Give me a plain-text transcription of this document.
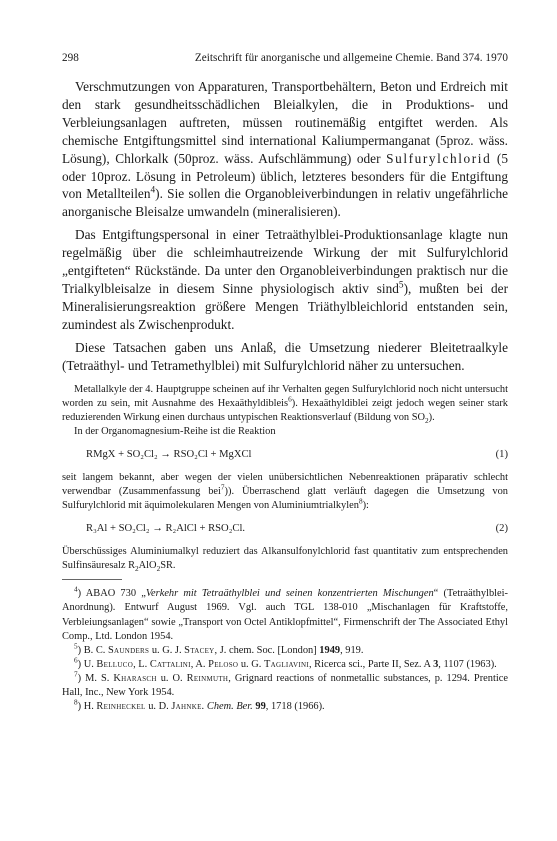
298	Zeitschrift für anorganische und allgemeine Chemie. Band 374. 1970

Verschmutzungen von Apparaturen, Transportbehältern, Beton und Erdreich mit den stark gesundheitsschädlichen Bleialkylen, die in Produktions- und Verbleiungsanlagen auftreten, müssen routinemäßig entgiftet werden. Als chemische Entgiftungsmittel sind international Kaliumpermanganat (5proz. wäss. Lösung), Chlorkalk (50proz. wäss. Aufschlämmung) oder Sulfurylchlorid (5 oder 10proz. Lösung in Petroleum) üblich, letzteres besonders für die Entgiftung von Metallteilen$^4$). Sie sollen die Organobleiverbindungen in relativ ungefährliche anorganische Bleisalze umwandeln (mineralisieren).

Das Entgiftungspersonal in einer Tetraäthylblei-Produktionsanlage klagte nun regelmäßig über die schleimhautreizende Wirkung der mit Sulfurylchlorid „entgifteten“ Rückstände. Da unter den Organobleiverbindungen praktisch nur die Trialkylbleisalze in diesem Sinne physiologisch aktiv sind$^5$), mußten bei der Mineralisierungsreaktion größere Mengen Triäthylbleichlorid entstanden sein, zumindest als Zwischenprodukt.

Diese Tatsachen gaben uns Anlaß, die Umsetzung niederer Bleitetraalkyle (Tetraäthyl- und Tetramethylblei) mit Sulfurylchlorid näher zu untersuchen.

Metallalkyle der 4. Hauptgruppe scheinen auf ihr Verhalten gegen Sulfurylchlorid noch nicht untersucht worden zu sein, mit Ausnahme des Hexaäthyldibleis$^6$). Hexaäthyldiblei zeigt jedoch wegen seiner stark reduzierenden Wirkung einen durchaus untypischen Reaktionsverlauf (Bildung von $SO_2$).

In der Organomagnesium-Reihe ist die Reaktion

RMgX + SO₂Cl₂ → RSO₂Cl + MgXCl	(1)

seit langem bekannt, aber wegen der vielen unübersichtlichen Nebenreaktionen präparativ schlecht verwendbar (Zusammenfassung bei$^7$)). Überraschend glatt verläuft dagegen die Umsetzung von Sulfurylchlorid mit äquimolekularen Mengen von Aluminiumtrialkylen$^8$):

R₃Al + SO₂Cl₂ → R₂AlCl + RSO₂Cl.	(2)

Überschüssiges Aluminiumalkyl reduziert das Alkansulfonylchlorid fast quantitativ zum entsprechenden Sulfinsäuresalz $R_2AlO_2SR$.

$^4$) ABAO 730 „Verkehr mit Tetraäthylblei und seinen konzentrierten Mischungen“ (Tetraäthylblei-Anordnung). Entwurf August 1969. Vgl. auch TGL 138-010 „Mischanlagen für Kraftstoffe, Verbleiungsanlagen“ sowie „Transport von Octel Antiklopfmittel“, Firmenschrift der The Associated Ethyl Comp., Ltd. London 1954.

$^5$) B. C. Saunders u. G. J. Stacey, J. chem. Soc. [London] 1949, 919.

$^6$) U. Belluco, L. Cattalini, A. Peloso u. G. Tagliavini, Ricerca sci., Parte II, Sez. A 3, 1107 (1963).

$^7$) M. S. Kharasch u. O. Reinmuth, Grignard reactions of nonmetallic substances, p. 1294. Prentice Hall, Inc., New York 1954.

$^8$) H. Reinheckel u. D. Jahnke. Chem. Ber. 99, 1718 (1966).
